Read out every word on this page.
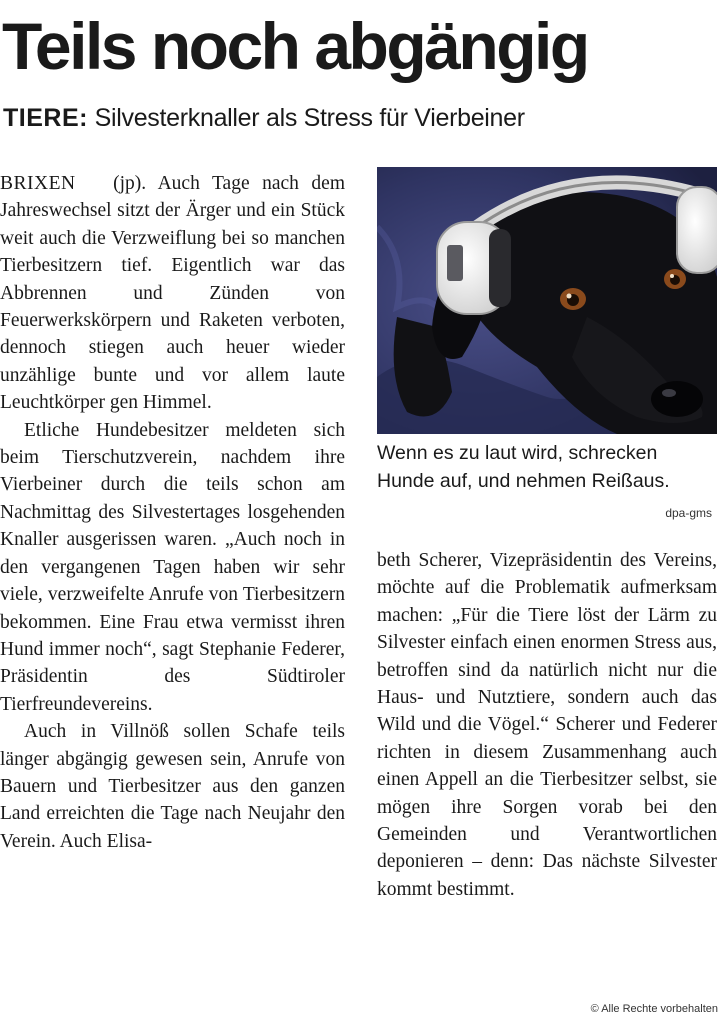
Teils noch abgängig
TIERE: Silvesterknaller als Stress für Vierbeiner

BRIXEN (jp). Auch Tage nach dem Jahreswechsel sitzt der Ärger und ein Stück weit auch die Verzweiflung bei so manchen Tierbesitzern tief. Eigentlich war das Abbrennen und Zünden von Feuerwerkskörpern und Raketen verboten, dennoch stiegen auch heuer wieder unzählige bunte und vor allem laute Leuchtkörper gen Himmel.

Etliche Hundebesitzer meldeten sich beim Tierschutzverein, nachdem ihre Vierbeiner durch die teils schon am Nachmittag des Silvestertages losgehenden Knaller ausgerissen waren. „Auch noch in den vergangenen Tagen haben wir sehr viele, verzweifelte Anrufe von Tierbesitzern bekommen. Eine Frau etwa vermisst ihren Hund immer noch“, sagt Stephanie Federer, Präsidentin des Südtiroler Tierfreundevereins.

Auch in Villnöß sollen Schafe teils länger abgängig gewesen sein, Anrufe von Bauern und Tierbesitzer aus den ganzen Land erreichten die Tage nach Neujahr den Verein. Auch Elisa-

Wenn es zu laut wird, schrecken Hunde auf, und nehmen Reißaus.
dpa-gms

beth Scherer, Vizepräsidentin des Vereins, möchte auf die Problematik aufmerksam machen: „Für die Tiere löst der Lärm zu Silvester einfach einen enormen Stress aus, betroffen sind da natürlich nicht nur die Haus- und Nutztiere, sondern auch das Wild und die Vögel.“ Scherer und Federer richten in diesem Zusammenhang auch einen Appell an die Tierbesitzer selbst, sie mögen ihre Sorgen vorab bei den Gemeinden und Verantwortlichen deponieren – denn: Das nächste Silvester kommt bestimmt.

© Alle Rechte vorbehalten
